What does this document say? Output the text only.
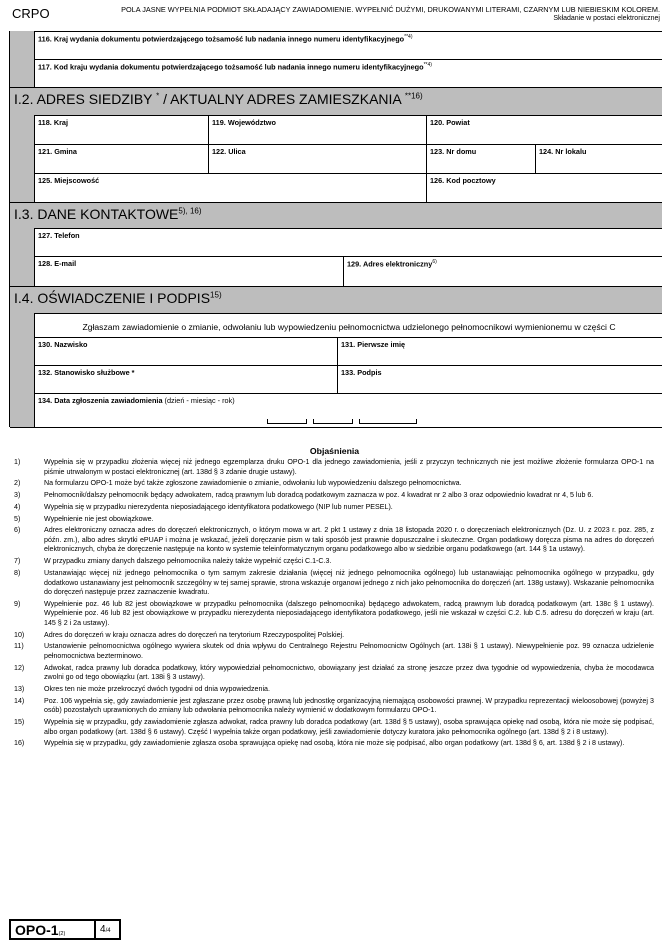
CRPO	POLA JASNE WYPEŁNIA PODMIOT SKŁADAJĄCY ZAWIADOMIENIE. WYPEŁNIĆ DUŻYMI, DRUKOWANYMI LITERAMI, CZARNYM LUB NIEBIESKIM KOLOREM.
Składanie w postaci elektronicznej
116. Kraj wydania dokumentu potwierdzającego tożsamość lub nadania innego numeru identyfikacyjnego$^{**4)}$
117. Kod kraju wydania dokumentu potwierdzającego tożsamość lub nadania innego numeru identyfikacyjnego$^{**4)}$
I.2. ADRES SIEDZIBY * / AKTUALNY ADRES ZAMIESZKANIA $^{**16)}$
118. Kraj	119. Województwo	120. Powiat
121. Gmina	122. Ulica	123. Nr domu	124. Nr lokalu
125. Miejscowość	126. Kod pocztowy
I.3. DANE $KONTAKTOWE^{5), 16)}$
127. Telefon
128. E-mail	129. Adres elektroniczny$^{6)}$
I.4. OŚWIADCZENIE I PODPIS$^{15)}$
Zgłaszam zawiadomienie o zmianie, odwołaniu lub wypowiedzeniu pełnomocnictwa udzielonego pełnomocnikowi wymienionemu w części C
130. Nazwisko	131. Pierwsze imię
132. Stanowisko służbowe *	133. Podpis
134. Data zgłoszenia zawiadomienia (dzień - miesiąc - rok)
Objaśnienia
1)	Wypełnia się w przypadku złożenia więcej niż jednego egzemplarza druku OPO-1 dla jednego zawiadomienia, jeśli z przyczyn technicznych nie jest możliwe złożenie formularza OPO-1 na piśmie utrwalonym w postaci elektronicznej (art. 138d § 3 zdanie drugie ustawy).
2)	Na formularzu OPO-1 może być także zgłoszone zawiadomienie o zmianie, odwołaniu lub wypowiedzeniu dalszego pełnomocnictwa.
3)	Pełnomocnik/dalszy pełnomocnik będący adwokatem, radcą prawnym lub doradcą podatkowym zaznacza w poz. 4 kwadrat nr 2 albo 3 oraz odpowiednio kwadrat nr 4, 5 lub 6.
4)	Wypełnia się w przypadku nierezydenta nieposiadającego identyfikatora podatkowego (NIP lub numer PESEL).
5)	Wypełnienie nie jest obowiązkowe.
6)	Adres elektroniczny oznacza adres do doręczeń elektronicznych, o którym mowa w art. 2 pkt 1 ustawy z dnia 18 listopada 2020 r. o doręczeniach elektronicznych (Dz. U. z 2023 r. poz. 285, z późn. zm.), albo adres skrytki ePUAP i można je wskazać, jeżeli doręczanie pism w taki sposób jest prawnie dopuszczalne i skuteczne. Organ podatkowy doręcza pisma na adres do doręczeń elektronicznych, chyba że doręczenie następuje na konto w systemie teleinformatycznym organu podatkowego albo w siedzibie organu podatkowego (art. 144 § 1a ustawy).
7)	W przypadku zmiany danych dalszego pełnomocnika należy także wypełnić części C.1-C.3.
8)	Ustanawiając więcej niż jednego pełnomocnika o tym samym zakresie działania (więcej niż jednego pełnomocnika ogólnego) lub ustanawiając pełnomocnika ogólnego w przypadku, gdy dodatkowo ustanawiany jest pełnomocnik szczególny w tej samej sprawie, strona wskazuje organowi jednego z nich jako pełnomocnika do doręczeń (art. 138g ustawy). Wskazanie pełnomocnika do doręczeń następuje przez zaznaczenie kwadratu.
9)	Wypełnienie poz. 46 lub 82 jest obowiązkowe w przypadku pełnomocnika (dalszego pełnomocnika) będącego adwokatem, radcą prawnym lub doradcą podatkowym (art. 138c § 1 ustawy). Wypełnienie poz. 46 lub 82 jest obowiązkowe w przypadku nierezydenta nieposiadającego identyfikatora podatkowego, jeśli nie wskazał w części C.2. lub C.5. adresu do doręczeń w kraju (art. 145 § 2 i 2a ustawy).
10)	Adres do doręczeń w kraju oznacza adres do doręczeń na terytorium Rzeczypospolitej Polskiej.
11)	Ustanowienie pełnomocnictwa ogólnego wywiera skutek od dnia wpływu do Centralnego Rejestru Pełnomocnictw Ogólnych (art. 138i § 1 ustawy). Niewypełnienie poz. 99 oznacza udzielenie pełnomocnictwa bezterminowo.
12)	Adwokat, radca prawny lub doradca podatkowy, który wypowiedział pełnomocnictwo, obowiązany jest działać za stronę jeszcze przez dwa tygodnie od wypowiedzenia, chyba że mocodawca zwolni go od tego obowiązku (art. 138i § 3 ustawy).
13)	Okres ten nie może przekroczyć dwóch tygodni od dnia wypowiedzenia.
14)	Poz. 106 wypełnia się, gdy zawiadomienie jest zgłaszane przez osobę prawną lub jednostkę organizacyjną niemającą osobowości prawnej. W przypadku reprezentacji wieloosobowej (powyżej 3 osób) pozostałych uprawnionych do zmiany lub odwołania pełnomocnika należy wymienić w dodatkowym formularzu OPO-1.
15)	Wypełnia się w przypadku, gdy zawiadomienie zgłasza adwokat, radca prawny lub doradca podatkowy (art. 138d § 5 ustawy), osoba sprawująca opiekę nad osobą, która nie może się podpisać, albo organ podatkowy (art. 138d § 6 ustawy). Część I wypełnia także organ podatkowy, jeśli zawiadomienie dotyczy kuratora jako pełnomocnika ogólnego (art. 138d § 2 i 8 ustawy).
16)	Wypełnia się w przypadku, gdy zawiadomienie zgłasza osoba sprawująca opiekę nad osobą, która nie może się podpisać, albo organ podatkowy (art. 138d § 6, art. 138d § 2 i 8 ustawy).
OPO-1(2)	4/4
